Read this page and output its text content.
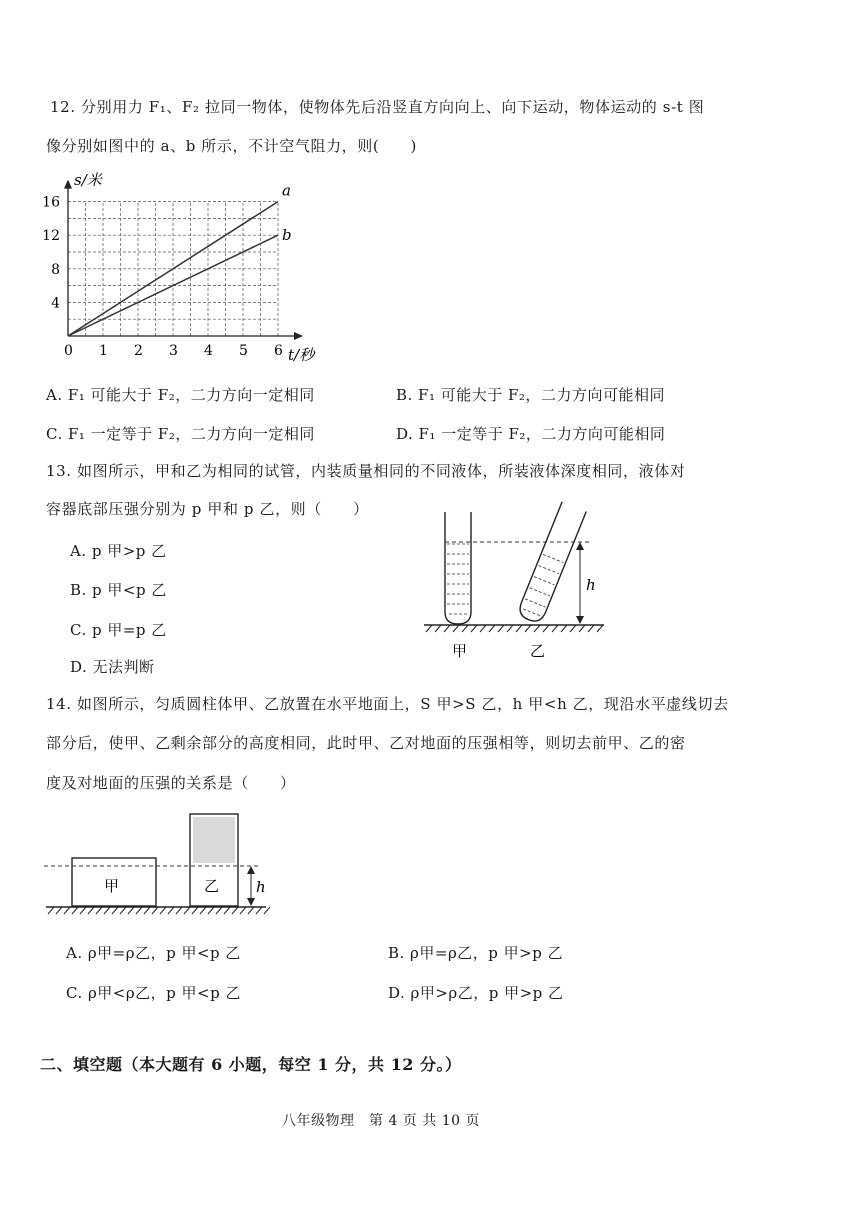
12. 分别用力 F₁、F₂ 拉同一物体，使物体先后沿竖直方向向上、向下运动，物体运动的 s-t 图
像分别如图中的 a、b 所示，不计空气阻力，则(　　)
0 1 2 3 4 5 6
4
8
12
16
a
b
s/米
t/秒
A. F₁ 可能大于 F₂，二力方向一定相同	B. F₁ 可能大于 F₂，二力方向可能相同
C. F₁ 一定等于 F₂，二力方向一定相同	D. F₁ 一定等于 F₂，二力方向可能相同
13. 如图所示，甲和乙为相同的试管，内装质量相同的不同液体，所装液体深度相同，液体对
容器底部压强分别为 p 甲和 p 乙，则（　　）
A. p 甲>p 乙
B. p 甲<p 乙
C. p 甲=p 乙
D. 无法判断
h
甲	乙
14. 如图所示，匀质圆柱体甲、乙放置在水平地面上，S 甲>S 乙，h 甲<h 乙，现沿水平虚线切去
部分后，使甲、乙剩余部分的高度相同，此时甲、乙对地面的压强相等，则切去前甲、乙的密
度及对地面的压强的关系是（　　）
h
甲	乙
A. ρ甲=ρ乙，p 甲<p 乙	B. ρ甲=ρ乙，p 甲>p 乙
C. ρ甲<ρ乙，p 甲<p 乙	D. ρ甲>ρ乙，p 甲>p 乙
二、填空题（本大题有 6 小题，每空 1 分，共 12 分。）
八年级物理　第 4 页 共 10 页
